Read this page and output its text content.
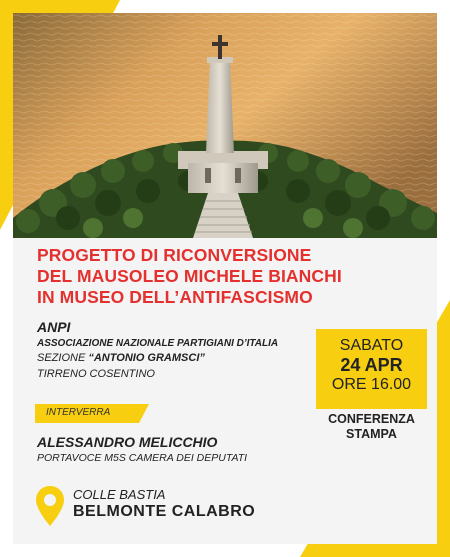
PROGETTO DI RICONVERSIONE
DEL MAUSOLEO MICHELE BIANCHI
IN MUSEO DELL’ANTIFASCISMO
ANPI
ASSOCIAZIONE NAZIONALE PARTIGIANI D’ITALIA
SEZIONE “ANTONIO GRAMSCI”
TIRRENO COSENTINO
SABATO
24 APR
ORE 16.00
CONFERENZA
STAMPA
INTERVERRA
ALESSANDRO MELICCHIO
PORTAVOCE M5S CAMERA DEI DEPUTATI
COLLE BASTIA
BELMONTE CALABRO
